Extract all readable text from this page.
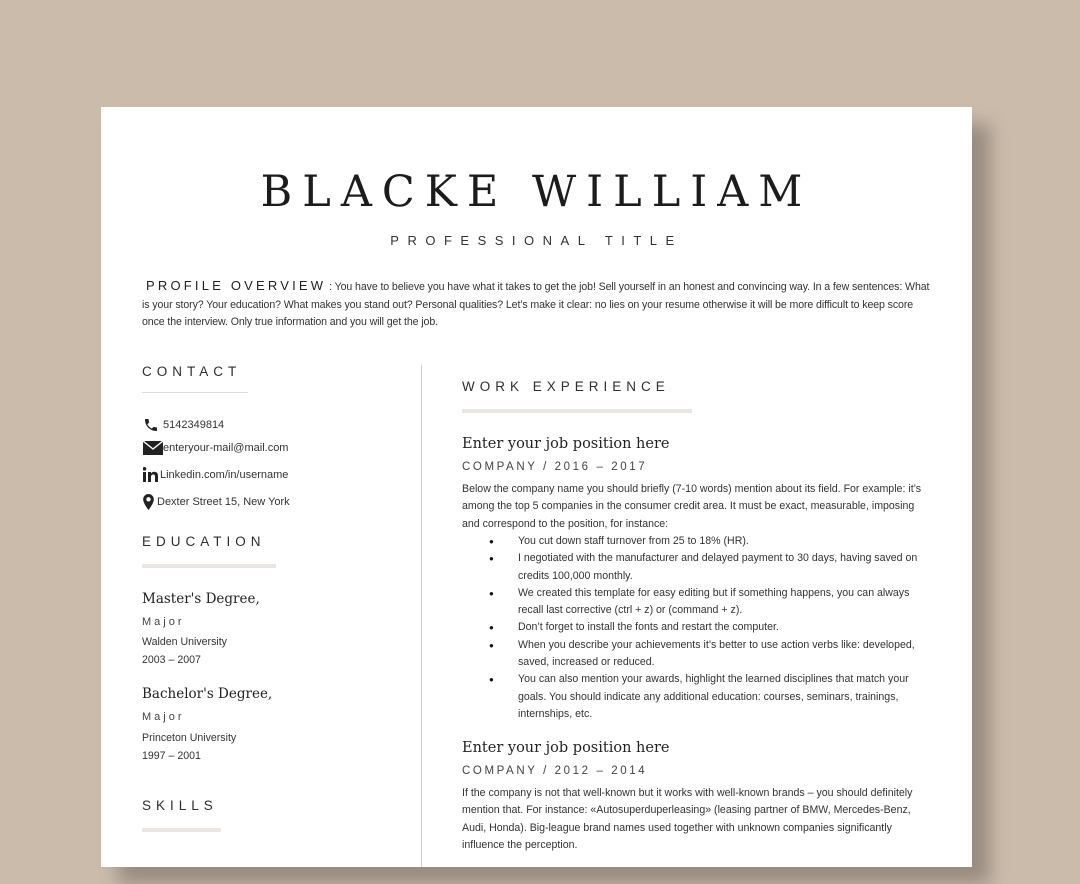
BLACKE WILLIAM
PROFESSIONAL TITLE
PROFILE OVERVIEW : You have to believe you have what it takes to get the job! Sell yourself in an honest and convincing way. In a few sentences: What is your story? Your education? What makes you stand out? Personal qualities? Let’s make it clear: no lies on your resume otherwise it will be more difficult to keep score once the interview. Only true information and you will get the job.
CONTACT
5142349814
enteryour-mail@mail.com
Linkedin.com/in/username
Dexter Street 15, New York
EDUCATION
Master's Degree,
Major
Walden University
2003 – 2007
Bachelor's Degree,
Major
Princeton University
1997 – 2001
SKILLS
WORK EXPERIENCE
Enter your job position here
COMPANY / 2016 – 2017
Below the company name you should briefly (7-10 words) mention about its field. For example: it’s among the top 5 companies in the consumer credit area. It must be exact, measurable, imposing and correspond to the position, for instance:
● You cut down staff turnover from 25 to 18% (HR).
● I negotiated with the manufacturer and delayed payment to 30 days, having saved on credits 100,000 monthly.
● We created this template for easy editing but if something happens, you can always recall last corrective (ctrl + z) or (command + z).
● Don’t forget to install the fonts and restart the computer.
● When you describe your achievements it’s better to use action verbs like: developed, saved, increased or reduced.
● You can also mention your awards, highlight the learned disciplines that match your goals. You should indicate any additional education: courses, seminars, trainings, internships, etc.
Enter your job position here
COMPANY / 2012 – 2014
If the company is not that well-known but it works with well-known brands – you should definitely mention that. For instance: «Autosuperduperleasing» (leasing partner of BMW, Mercedes-Benz, Audi, Honda). Big-league brand names used together with unknown companies significantly influence the perception.
